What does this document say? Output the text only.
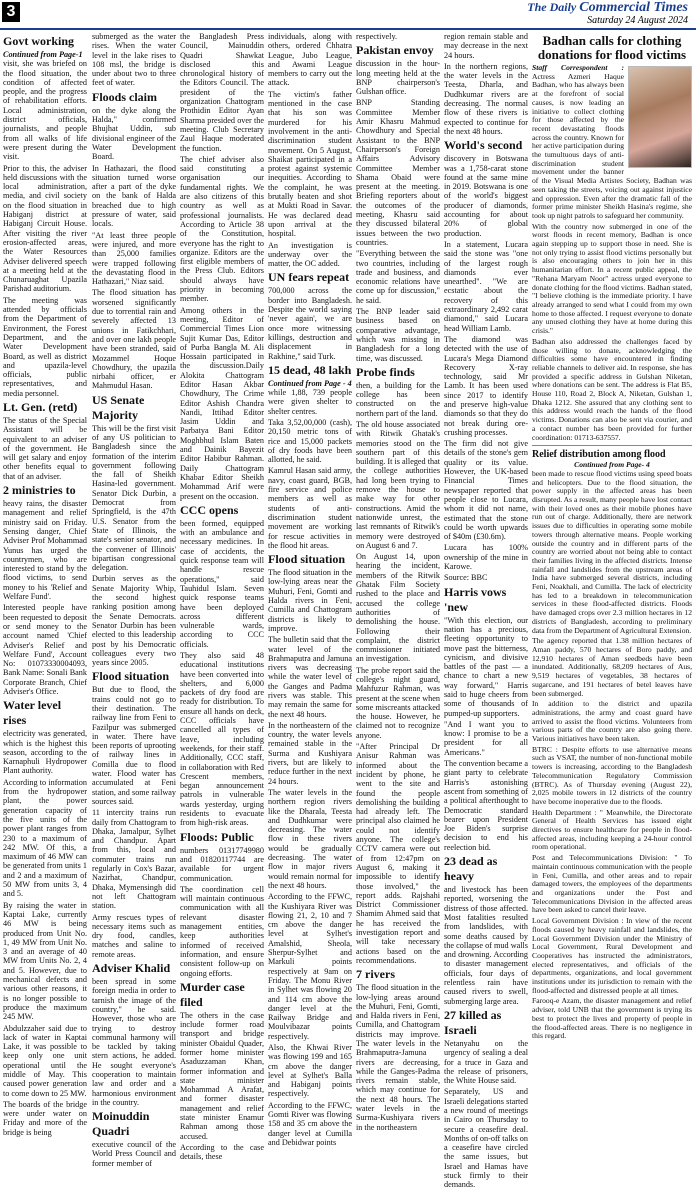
3	The Daily Commercial Times
Saturday 24 August 2024
Govt working
Continued from Page-1

visit, she was briefed on the flood situation, the condition of affected people, and the progress of rehabilitation efforts. Local administration, district officials, journalists, and people from all walks of life were present during the visit.

Prior to this, the adviser held discussions with the local administration, media, and civil society on the flood situation in Habiganj district at Habiganj Circuit House. After visiting the river erosion-affected areas, the Water Resources Adviser delivered speech at a meeting held at the Chunaruaghat Upazila Parishad auditorium.

The meeting was attended by officials from the Department of Environment, the Forest Department, and the Water Development Board, as well as district and upazila-level officials, public representatives, and media personnel.

Lt. Gen. (retd)

The status of the Special Assistant will be equivalent to an adviser of the government. He will get salary and enjoy other benefits equal to that of an adviser.

2 ministries to

heavy rains, the disaster management and relief ministry said on Friday. Sensing danger, Chief Adviser Prof Mohammad Yunus has urged the countrymen, who are interested to stand by the flood victims, to send money to his 'Relief and Welfare Fund'.

Interested people have been requested to deposit or send money to the account named 'Chief Adviser's Relief and Welfare Fund', Account No: 01073330004093, Bank Name: Sonali Bank Corporate Branch, Chief Adviser's Office.

Water level rises

electricity was generated, which is the highest this season, according to the Karnaphuli Hydropower Plant authority.

According to information from the hydropower plant, the power generation capacity of the five units of the power plant ranges from 230 to a maximum of 242 MW. Of this, a maximum of 46 MW can be generated from units 1 and 2 and a maximum of 50 MW from units 3, 4 and 5.

By raising the water in Kaptai Lake, currently 46 MW is being produced from Unit No. 1, 49 MW from Unit No. 3 and an average of 40 MW from Units No. 2, 4 and 5. However, due to mechanical defects and various other reasons, it is no longer possible to produce the maximum 245 MW.

Abdulzzaher said due to lack of water in Kaptai Lake, it was possible to keep only one unit operational until the middle of May. This caused power generation to come down to 25 MW.

The boards of the bridge were under water on Friday and more of the bridge is being

submerged as the water rises. When the water level in the lake rises to 108 msl, the bridge is under about two to three feet of water.

Floods claim

on the dyke along the Halda," confirmed Bhujhat Uddin, sub divisional engineer of the Water Development Board.

In Hathazari, the flood situation turned worse after a part of the dyke on the bank of Halda breached due to high pressure of water, said locals.

"At least three people were injured, and more than 25,000 families were trapped following the devastating flood in Hathazari," Niaz said.

The flood situation has worsened significantly due to torrential rain and severely affected 13 unions in Fatikchhari, and over one lakh people have been stranded, said Mozammel Hoque Chowdhury, the upazila nirbahi officer, er Mahmudul Hasan.

US Senate Majority

This will be the first visit of any US politician to Bangladesh since the formation of the interim government following the fall of Sheikh Hasina-led government. Senator Dick Durbin, a Democrat from Springfield, is the 47th U.S. Senator from the State of Illinois, the state's senior senator, and the convener of Illinois' bipartisan congressional delegation.

Durbin serves as the Senate Majority Whip, the second highest ranking position among the Senate Democrats. Senator Durbin has been elected to this leadership post by his Democratic colleagues every two years since 2005.

Flood situation

But due to flood, the trains could not go to their destination. The railway line from Feni to Fazilpur was submerged in water. There have been reports of uprooting of railway lines in Comilla due to flood water. Flood water has accumulated at Feni station, and some railway sources said.

11 intercity trains run daily from Chattogram to Dhaka, Jamalpur, Sylhet and Chandpur. Apart from this, local and commuter trains run regularly in Cox's Bazar, Nazirhat, Chandpur, Dhaka, Mymensingh did not left Chattogram station.

Army rescues types of necessary items such as dry food, candles, matches and saline to remote areas.

Adviser Khalid

been spread in some foreign media in order to tarnish the image of the country," he said. However, those who are trying to destroy communal harmony will be tackled by taking stern actions, he added. He sought everyone's cooperation to maintain law and order and a harmonious environment in the country.

Moinuddin Quadri

executive council of the World Press Council and former member of

the Bangladesh Press Council, Mainuddin Quadri Shawkat disclosed this chronological history of the Editors Council. The president of the organization Chattogram Prothidin Editor Ayan Sharma presided over the meeting. Club Secretary Zaul Haque moderated the function.

The chief adviser also said constituting a organisation our fundamental rights. We are also citizens of this country as well as professional journalists. According to Article 38 of the Constitution, everyone has the right to organize. Editors are the first eligible members of the Press Club. Editors should always have priority in becoming member.

Among others in the meeting, Editor of Commercial Times Lion Sujit Kumar Das, Editor of Purba Bangla M. Ali Hossain participated in the discussion.Daily Alokita Chattogram Editor Hasan Akbar Chowdhury, The Crime Editor Ashish Chandra Nandi, Ittihad Editor Jasim Uddin and Parbatya Bani Editor Moghbhul Islam Baten and Dainik Bayezit Editor Habibur Rahman. Daily Chattogram Khabar Editor Sheikh Mohammad Arif were present on the occasion.

CCC opens

been formed, equipped with an ambulance and necessary medicines. In case of accidents, the quick response team will handle rescue operations," said Tauhidul Islam. Seven quick response teams have been deployed across different vulnerable wards, according to CCC officials.

They also said 48 educational institutions have been converted into shelters, and 6,000 packets of dry food are ready for distribution. To ensure all hands on deck, CCC officials have cancelled all types of leave, including weekends, for their staff. Additionally, CCC staff, in collaboration with Red Crescent members, began announcement patrols in vulnerable wards yesterday, urging residents to evacuate from high-risk areas.

Floods: Public

numbers 01317749980 and 01820117744 are available for urgent communication.

The coordination cell will maintain continuous communication with all relevant disaster management entities, keep authorities informed of received information, and ensure consistent follow-up on ongoing efforts.

Murder case filed

The others in the case include former road transport and bridge minister Obaidul Quader, former home minister Asaduzzaman Khan, former information and state minister Mohammad A Arafat, and former disaster management and relief state minister Enamur Rahman among those accused.

According to the case details, these

individuals, along with others, ordered Chhatra League, Jubo League, and Awami League members to carry out the attack.

The victim's father mentioned in the case that his son was murdered for his involvement in the anti-discrimination student movement. On 5 August, Shaikat participated in a protest against systemic inequities. According to the complaint, he was brutally beaten and shot at Mukti Road in Savar. He was declared dead upon arrival at the hospital.

An investigation is underway over the matter, the OC added.

UN fears repeat

700,000 across the border into Bangladesh. Despite the world saying 'never again', we are once more witnessing killings, destruction and displacement in Rakhine," said Turk.

15 dead, 48 lakh
Continued from Page - 4

while 1,88, 739 people were given shelter to shelter centres.

Taka 3,52,00,000 (cash), 20,150 metric tons of rice and 15,000 packets of dry foods have been allotted, he said.

Kamrul Hasan said army, navy, coast guard, BGB, fire service and police members as well as students of anti-discrimination student movement are working for rescue activities in the flood hit areas.

Flood situation

The flood situation in the low-lying areas near the Muhuri, Feni, Gomti and Halda rivers in Feni, Cumilla and Chattogram districts is likely to improve.

The bulletin said that the water level of the Brahmaputra and Jamuna rivers was decreasing while the water level of the Ganges and Padma rivers was stable. This may remain the same for the next 48 hours.

In the northeastern of the country, the water levels remained stable in the Surma and Kushiyara rivers, but are likely to reduce further in the next 24 hours.

The water levels in the northern region rivers like the Dharala, Teesta and Dudhkumar were decreasing. The water flow in these rivers would be gradually decreasing. The water flow in major rivers would remain normal for the next 48 hours.

According to the FFWC, the Kushiyara River was flowing 21, 2, 10 and 7 cm above the danger level at Sylhet's Amalshid, Sheola, Sherpur-Sylhet and Markuli points respectively at 9am on Friday. The Monu River in Sylhet was flowing 20 and 114 cm above the danger level at the Railway Bridge and Moulvibazar points respectively.

Also, the Khwai River was flowing 199 and 165 cm above the danger level at Sylhet's Balla and Habiganj points respectively.

According to the FFWC, Gomti River was flowing 158 and 35 cm above the danger level at Cumilla and Debidwar points

respectively.

Pakistan envoy

discussion in the hour-long meeting held at the BNP chairperson's Gulshan office.

BNP Standing Committee Member Amir Khasru Mahmud Chowdhury and Special Assistant to the BNP Chairperson's Foreign Affairs Advisory Committee Member Shama Obaid were present at the meeting. Briefing reporters about the outcomes of the meeting, Khasru said they discussed bilateral issues between the two countries.

"Everything between the two countries, including trade and business, and economic relations have come up for discussion," he said.

The BNP leader said business based on comparative advantage, which was missing in Bangladesh for a long time, was discussed.

Probe finds

then, a building for the college has been constructed on the northern part of the land.

The old house associated with Ritwik Ghatak's memories stood on the southern part of this building. It is alleged that the college authorities had long been trying to remove the house to make way for other constructions. Amid the nationwide unrest, the last remnants of Ritwik's memory were destroyed on August 6 and 7.

On August 14, upon hearing the incident, members of the Ritwik Ghatak Film Society rushed to the place and accused the college authorities of demolishing the house. Following their complaint, the district commissioner initiated an investigation.

The probe report said the college's night guard, Mahfuzur Rahman, was present at the scene when some miscreants attacked the house. However, he claimed not to recognize anyone.

"After Principal Dr Anisur Rahman was informed about the incident by phone, he went to the site and found the people demolishing the building had already left. The principal also claimed he could not identify anyone. The college's CCTV camera were out of from 12:47pm on August 6, making it impossible to identify those involved," the report adds. Rajshahi District Commissioner Shamim Ahmed said that he has received the investigation report and will take necessary actions based on the recommendations.

7 rivers

The flood situation in the low-lying areas around the Muhuri, Feni, Gomti, and Halda rivers in Feni, Cumilla, and Chattogram districts may improve. The water levels in the Brahmaputra-Jamuna rivers are decreasing, while the Ganges-Padma rivers remain stable, which may continue for the next 48 hours. The water levels in the Surma-Kushiyara rivers in the northeastern

region remain stable and may decrease in the next 24 hours.

In the northern regions, the water levels in the Teesta, Dharla, and Dudhkumar rivers are decreasing. The normal flow of these rivers is expected to continue for the next 48 hours.

World's second

discovery in Botswana was a 1,758-carat stone found at the same mine in 2019. Botswana is one of the world's biggest producer of diamonds, accounting for about 20% of global production.

In a statement, Lucara said the stone was "one of the largest rough diamonds ever unearthed". "We are ecstatic about the recovery of this extraordinary 2,492 carat diamond," said Lucara head William Lamb.

The diamond was detected with the use of Lucara's Mega Diamond Recovery X-ray technology, said Mr Lamb. It has been used since 2017 to identify and preserve high-value diamonds so that they do not break during ore-crushing processes.

The firm did not give details of the stone's gem quality or its value. However, the UK-based Financial Times newspaper reported that people close to Lucara, whom it did not name, estimated that the stone could be worth upwards of $40m (£30.6m).

Lucara has 100% ownership of the mine in Karowe.

Source: BBC

Harris vows 'new

"With this election, our nation has a precious, fleeting opportunity to move past the bitterness, cynicism, and divisive battles of the past — a chance to chart a new way forward," Harris said to huge cheers from some of thousands of pumped-up supporters.

"And I want you to know: I promise to be a president for all Americans."

The convention became a giant party to celebrate Harris's astonishing ascent from something of a political afterthought to Democratic standard bearer upon President Joe Biden's surprise decision to end his reelection bid.

23 dead as heavy

and livestock has been reported, worsening the distress of those affected. Most fatalities resulted from landslides, with some deaths caused by the collapse of mud walls and drowning. According to disaster management officials, four days of relentless rain have caused rivers to swell, submerging large area.

27 killed as Israeli

Netanyahu on the urgency of sealing a deal for a truce in Gaza and the release of prisoners, the White House said.

Separately, US and Israeli delegations started a new round of meetings in Cairo on Thursday to secure a ceasefire deal. Months of on-off talks on a ceasefire have circled the same issues, but Israel and Hamas have stuck firmly to their demands.

Badhan calls for clothing donations for flood victims

Staff Correspondent : Actress Azmeri Haque Badhan, who has always been at the forefront of social causes, is now leading an initiative to collect clothing for those affected by the recent devastating floods across the country. Known for her active participation during the tumultuous days of anti-discrimination student movement under the banner of the Visual Media Artistes Society, Badhan was seen taking the streets, voicing out against injustice and oppression. Even after the dramatic fall of the former prime minister Sheikh Hasina's regime, she took up night patrols to safeguard her community.

With the country now submerged in one of the worst floods in recent memory, Badhan is once again stepping up to support those in need. She is not only trying to assist flood victims personally but is also encouraging others to join her in this humanitarian effort. In a recent public appeal, the "Rehana Maryam Noor" actress urged everyone to donate clothing for the flood victims. Badhan stated, "I believe clothing is the immediate priority. I have already arranged to send what I could from my own home to those affected. I request everyone to donate any unused clothing they have at home during this crisis."

Badhan also addressed the challenges faced by those willing to donate, acknowledging the difficulties some have encountered in finding reliable channels to deliver aid. In response, she has provided a specific address in Gulshan Niketan, where donations can be sent. The address is Flat B5, House 110, Road 2, Block A, Niketan, Gulshan 1, Dhaka 1212. She assured that any clothing sent to this address would reach the hands of the flood victims. Donations can also be sent via courier, and a contact number has been provided for further coordination: 01713-637557.

Relief distribution among flood
Continued from Page- 4

been made to rescue flood victims using speed boats and helicopters. Due to the flood situation, the power supply in the affected areas has been disrupted. As a result, many people have lost contact with their loved ones as their mobile phones have run out of charge. Additionally, there are network issues due to difficulties in operating some mobile towers through alternative means. People working outside the country and in different parts of the country are worried about not being able to contact their families living in the affected districts. Intense rainfall and landslides from the upstream areas of India have submerged several districts, including Feni, Noakhali, and Cumilla. The lack of electricity has led to a breakdown in telecommunication services in these flood-affected districts. Floods have damaged crops over 2.3 million hectares in 12 districts of Bangladesh, according to preliminary data from the Department of Agricultural Extension.

The agency reported that 1.38 million hectares of Aman paddy, 570 hectares of Boro paddy, and 12,910 hectares of Aman seedbeds have been inundated. Additionally, 68,209 hectares of Aus, 9,519 hectares of vegetables, 38 hectares of sugarcane, and 191 hectares of betel leaves have been submerged.

In addition to the district and upazila administrations, the army and coast guard have arrived to assist the flood victims. Volunteers from various parts of the country are also going there. Various initiatives have been taken.

BTRC : Despite efforts to use alternative means such as VSAT, the number of non-functional mobile towers is increasing, according to the Bangladesh Telecommunication Regulatory Commission (BTRC). As of Thursday evening (August 22), 2,025 mobile towers in 12 districts of the country have become inoperative due to the floods.

Health Department : " Meanwhile, the Directorate General of Health Services has issued eight directives to ensure healthcare for people in flood-affected areas, including keeping a 24-hour control room operational.

Post and Telecommunications Division: " To maintain continuous communication with the people in Feni, Cumilla, and other areas and to repair damaged towers, the employees of the departments and organizations under the Post and Telecommunications Division in the affected areas have been asked to cancel their leave.

Local Government Division : In view of the recent floods caused by heavy rainfall and landslides, the Local Government Division under the Ministry of Local Government, Rural Development and Cooperatives has instructed the administrators, elected representatives, and officials of the departments, organizations, and local government institutions under its jurisdiction to remain with the flood-affected and distressed people at all times.

Farooq-e Azam, the disaster management and relief adviser, told UNB that the government is trying its best to protect the lives and property of people in the flood-affected areas. There is no negligence in this regard.
